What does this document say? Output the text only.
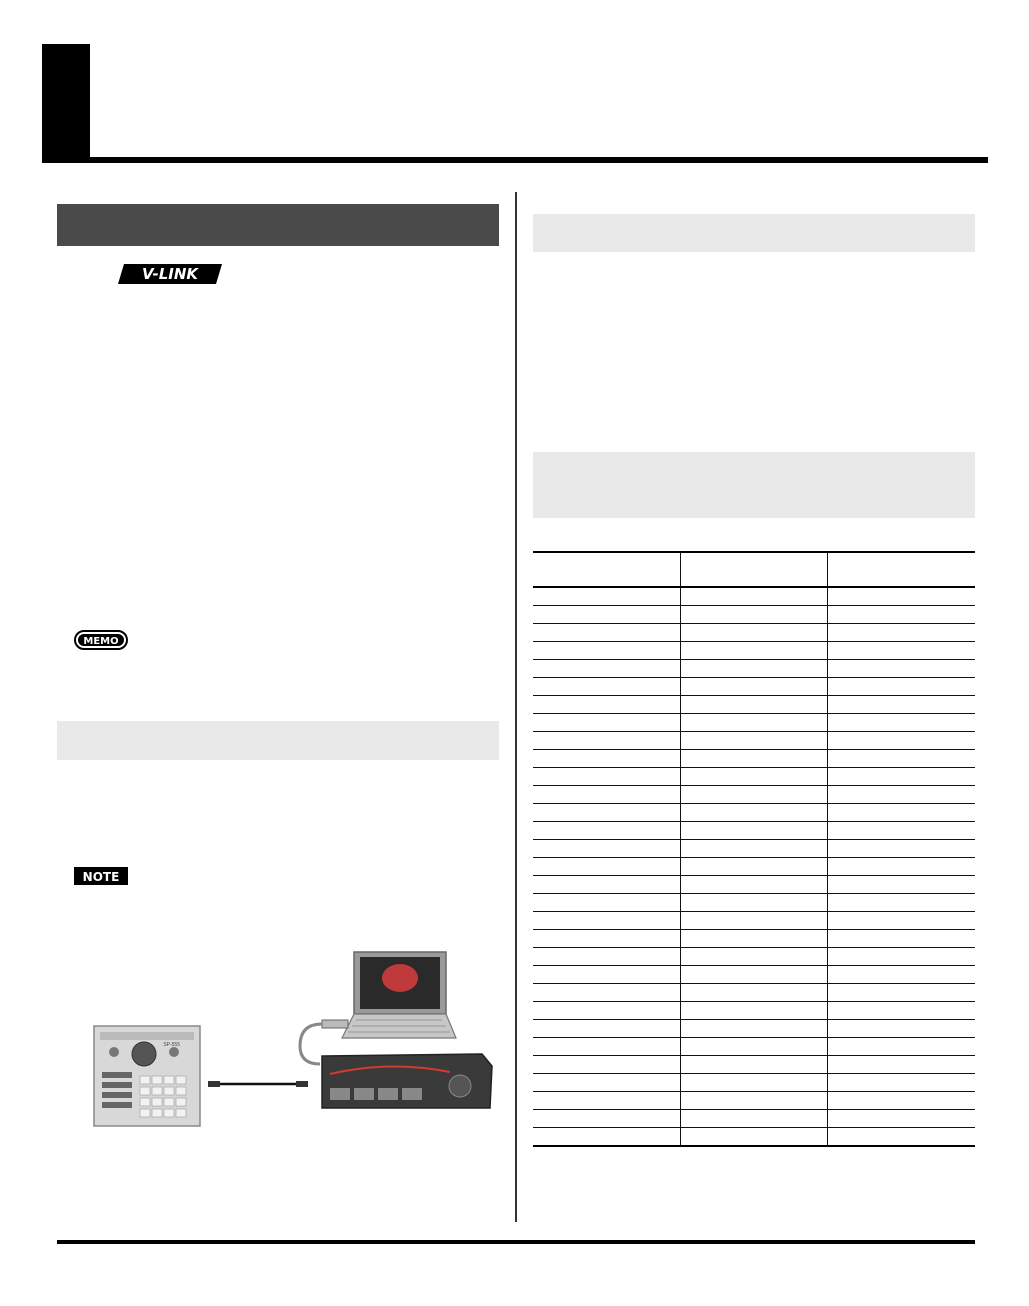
V-LINK
MEMO
NOTE
SP-555
